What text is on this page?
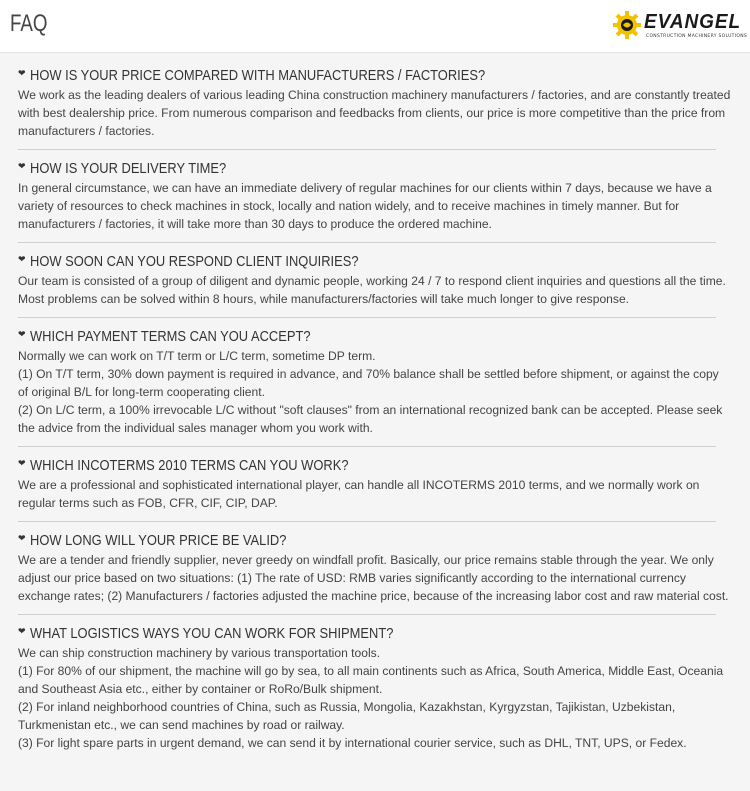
FAQ	EVANGEL
CONSTRUCTION MACHINERY SOLUTIONS
❤ HOW IS YOUR PRICE COMPARED WITH MANUFACTURERS / FACTORIES?

We work as the leading dealers of various leading China construction machinery manufacturers / factories, and are constantly treated with best dealership price. From numerous comparison and feedbacks from clients, our price is more competitive than the price from manufacturers / factories.

❤ HOW IS YOUR DELIVERY TIME?

In general circumstance, we can have an immediate delivery of regular machines for our clients within 7 days, because we have a variety of resources to check machines in stock, locally and nation widely, and to receive machines in timely manner. But for manufacturers / factories, it will take more than 30 days to produce the ordered machine.

❤ HOW SOON CAN YOU RESPOND CLIENT INQUIRIES?

Our team is consisted of a group of diligent and dynamic people, working 24 / 7 to respond client inquiries and questions all the time. Most problems can be solved within 8 hours, while manufacturers/factories will take much longer to give response.

❤ WHICH PAYMENT TERMS CAN YOU ACCEPT?

Normally we can work on T/T term or L/C term, sometime DP term.

(1) On T/T term, 30% down payment is required in advance, and 70% balance shall be settled before shipment, or against the copy of original B/L for long-term cooperating client.

(2) On L/C term, a 100% irrevocable L/C without "soft clauses" from an international recognized bank can be accepted. Please seek the advice from the individual sales manager whom you work with.

❤ WHICH INCOTERMS 2010 TERMS CAN YOU WORK?

We are a professional and sophisticated international player, can handle all INCOTERMS 2010 terms, and we normally work on regular terms such as FOB, CFR, CIF, CIP, DAP.

❤ HOW LONG WILL YOUR PRICE BE VALID?

We are a tender and friendly supplier, never greedy on windfall profit. Basically, our price remains stable through the year. We only adjust our price based on two situations: (1) The rate of USD: RMB varies significantly according to the international currency exchange rates; (2) Manufacturers / factories adjusted the machine price, because of the increasing labor cost and raw material cost.

❤ WHAT LOGISTICS WAYS YOU CAN WORK FOR SHIPMENT?

We can ship construction machinery by various transportation tools.

(1) For 80% of our shipment, the machine will go by sea, to all main continents such as Africa, South America, Middle East, Oceania and Southeast Asia etc., either by container or RoRo/Bulk shipment.

(2) For inland neighborhood countries of China, such as Russia, Mongolia, Kazakhstan, Kyrgyzstan, Tajikistan, Uzbekistan, Turkmenistan etc., we can send machines by road or railway.

(3) For light spare parts in urgent demand, we can send it by international courier service, such as DHL, TNT, UPS, or Fedex.
